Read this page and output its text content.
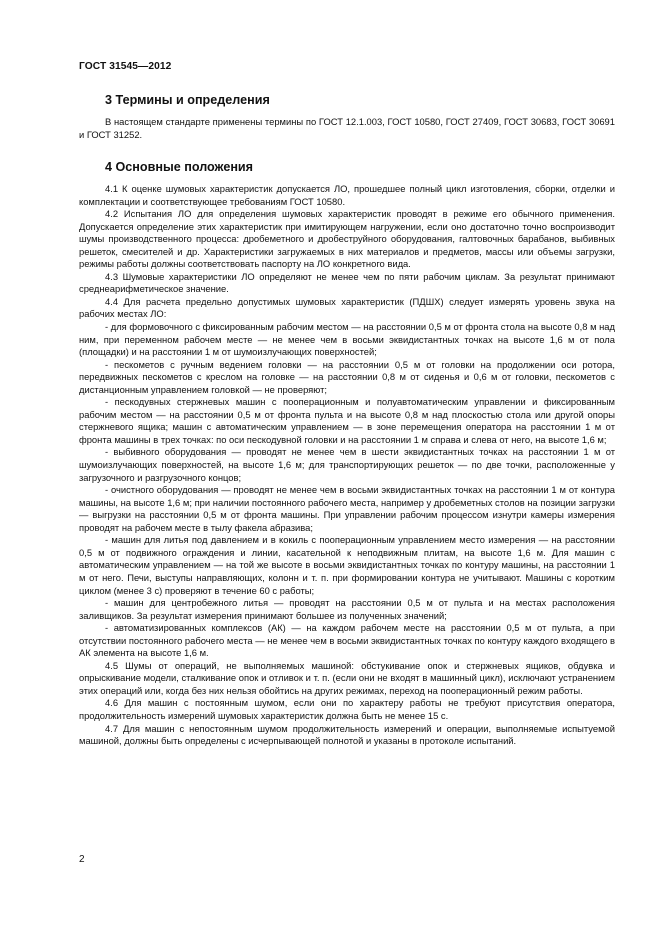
ГОСТ 31545—2012
3 Термины и определения

В настоящем стандарте применены термины по ГОСТ 12.1.003, ГОСТ 10580, ГОСТ 27409, ГОСТ 30683, ГОСТ 30691 и ГОСТ 31252.

4 Основные положения

4.1 К оценке шумовых характеристик допускается ЛО, прошедшее полный цикл изготовления, сборки, отделки и комплектации и соответствующее требованиям ГОСТ 10580.

4.2 Испытания ЛО для определения шумовых характеристик проводят в режиме его обычного применения. Допускается определение этих характеристик при имитирующем нагружении, если оно достаточно точно воспроизводит шумы производственного процесса: дробеметного и дробеструйного оборудования, галтовочных барабанов, выбивных решеток, смесителей и др. Характеристики загружаемых в них материалов и предметов, массы или объемы загрузки, режимы работы должны соответствовать паспорту на ЛО конкретного вида.

4.3 Шумовые характеристики ЛО определяют не менее чем по пяти рабочим циклам. За результат принимают среднеарифметическое значение.

4.4 Для расчета предельно допустимых шумовых характеристик (ПДШХ) следует измерять уровень звука на рабочих местах ЛО:

- для формовочного с фиксированным рабочим местом — на расстоянии 0,5 м от фронта стола на высоте 0,8 м над ним, при переменном рабочем месте — не менее чем в восьми эквидистантных точках на высоте 1,6 м от пола (площадки) и на расстоянии 1 м от шумоизлучающих поверхностей;

- пескометов с ручным ведением головки — на расстоянии 0,5 м от головки на продолжении оси ротора, передвижных пескометов с креслом на головке — на расстоянии 0,8 м от сиденья и 0,6 м от головки, пескометов с дистанционным управлением головкой — не проверяют;

- пескодувных стержневых машин с пооперационным и полуавтоматическим управлении и фиксированным рабочим местом — на расстоянии 0,5 м от фронта пульта и на высоте 0,8 м над плоскостью стола или другой опоры стержневого ящика; машин с автоматическим управлением — в зоне перемещения оператора на расстоянии 1 м от фронта машины в трех точках: по оси пескодувной головки и на расстоянии 1 м справа и слева от него, на высоте 1,6 м;

- выбивного оборудования — проводят не менее чем в шести эквидистантных точках на расстоянии 1 м от шумоизлучающих поверхностей, на высоте 1,6 м; для транспортирующих решеток — по две точки, расположенные у загрузочного и разгрузочного концов;

- очистного оборудования — проводят не менее чем в восьми эквидистантных точках на расстоянии 1 м от контура машины, на высоте 1,6 м; при наличии постоянного рабочего места, например у дробеметных столов на позиции загрузки — выгрузки на расстоянии 0,5 м от фронта машины. При управлении рабочим процессом изнутри камеры измерения проводят на рабочем месте в тылу факела абразива;

- машин для литья под давлением и в кокиль с пооперационным управлением место измерения — на расстоянии 0,5 м от подвижного ограждения и линии, касательной к неподвижным плитам, на высоте 1,6 м. Для машин с автоматическим управлением — на той же высоте в восьми эквидистантных точках по контуру машины, на расстоянии 1 м от него. Печи, выступы направляющих, колонн и т. п. при формировании контура не учитывают. Машины с коротким циклом (менее 3 с) проверяют в течение 60 с работы;

- машин для центробежного литья — проводят на расстоянии 0,5 м от пульта и на местах расположения заливщиков. За результат измерения принимают большее из полученных значений;

- автоматизированных комплексов (АК) — на каждом рабочем месте на расстоянии 0,5 м от пульта, а при отсутствии постоянного рабочего места — не менее чем в восьми эквидистантных точках по контуру каждого входящего в АК элемента на высоте 1,6 м.

4.5 Шумы от операций, не выполняемых машиной: обстукивание опок и стержневых ящиков, обдувка и опрыскивание модели, сталкивание опок и отливок и т. п. (если они не входят в машинный цикл), исключают устранением этих операций или, когда без них нельзя обойтись на других режимах, переход на пооперационный режим работы.

4.6 Для машин с постоянным шумом, если они по характеру работы не требуют присутствия оператора, продолжительность измерений шумовых характеристик должна быть не менее 15 с.

4.7 Для машин с непостоянным шумом продолжительность измерений и операции, выполняемые испытуемой машиной, должны быть определены с исчерпывающей полнотой и указаны в протоколе испытаний.

2
